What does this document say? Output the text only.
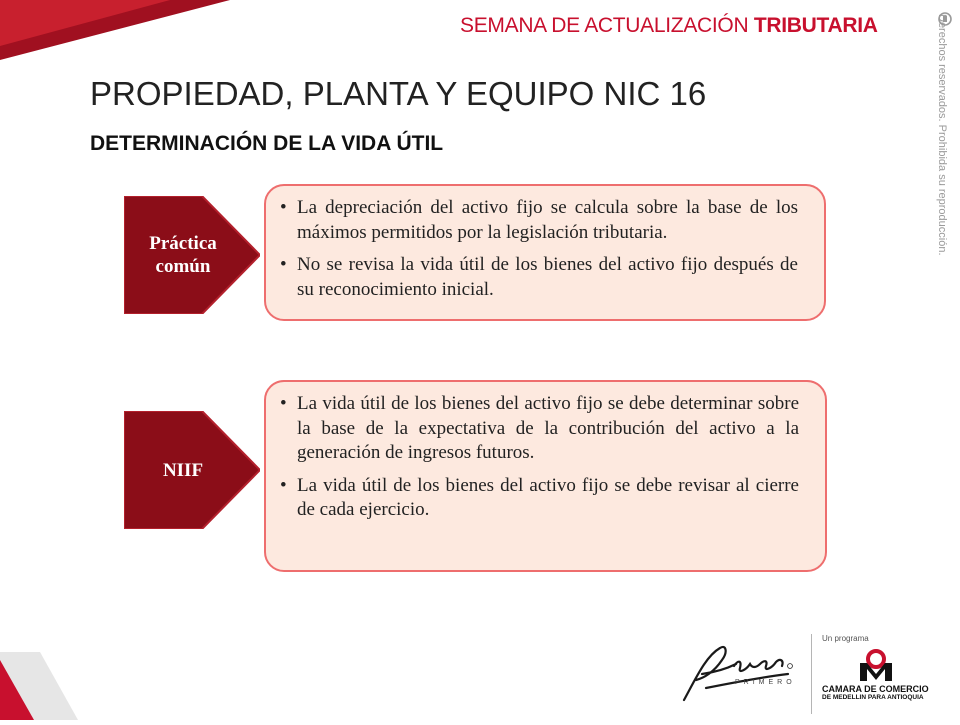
SEMANA DE ACTUALIZACIÓN TRIBUTARIA	Derechos reservados. Prohibida su reproducción.
PROPIEDAD, PLANTA Y EQUIPO NIC 16
DETERMINACIÓN DE LA VIDA ÚTIL
Práctica común
• La depreciación del activo fijo se calcula sobre la base de los máximos permitidos por la legislación tributaria.
• No se revisa la vida útil de los bienes del activo fijo después de su reconocimiento inicial.
NIIF
• La vida útil de los bienes del activo fijo se debe determinar sobre la base de la expectativa de la contribución del activo a la generación de ingresos futuros.
• La vida útil de los bienes del activo fijo se debe revisar al cierre de cada ejercicio.
PRIMERO
Un programa
CAMARA DE COMERCIO
DE MEDELLIN PARA ANTIOQUIA
